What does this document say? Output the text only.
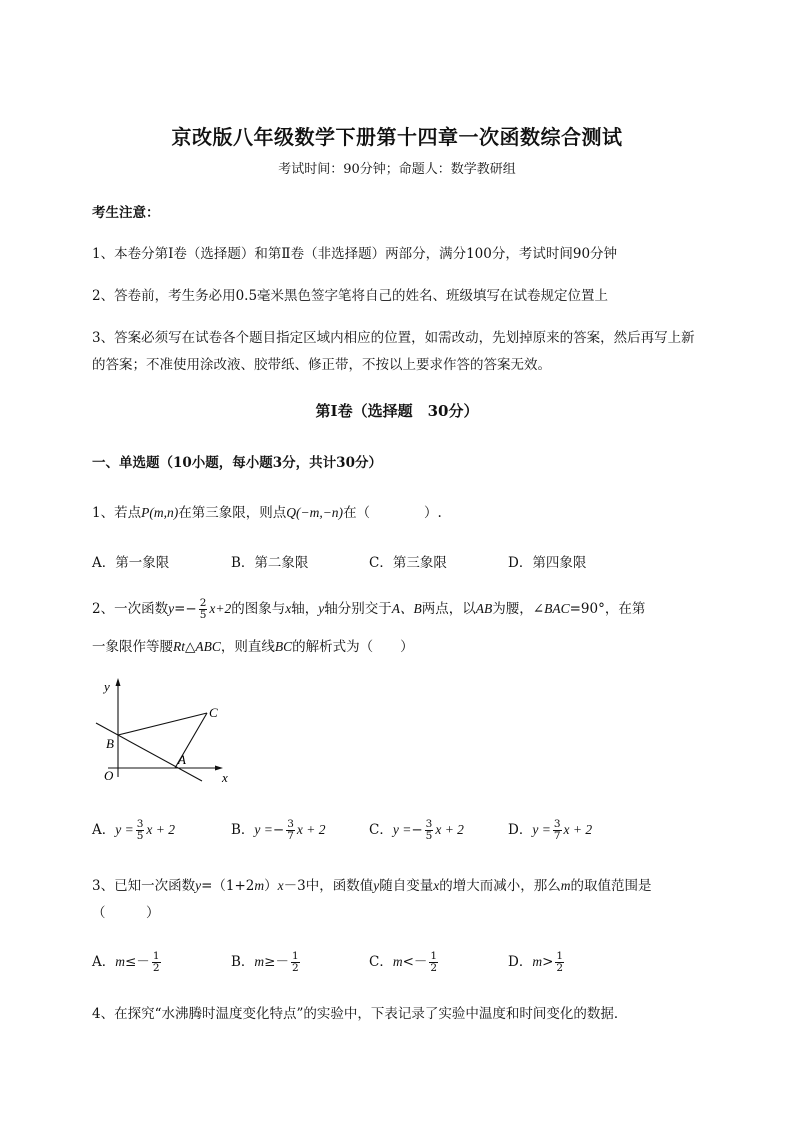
京改版八年级数学下册第十四章一次函数综合测试
考试时间：90分钟；命题人：数学教研组
考生注意：
1、本卷分第I卷（选择题）和第Ⅱ卷（非选择题）两部分，满分100分，考试时间90分钟
2、答卷前，考生务必用0.5毫米黑色签字笔将自己的姓名、班级填写在试卷规定位置上
3、答案必须写在试卷各个题目指定区域内相应的位置，如需改动，先划掉原来的答案，然后再写上新
的答案；不准使用涂改液、胶带纸、修正带，不按以上要求作答的答案无效。
第I卷（选择题　30分）
一、单选题（10小题，每小题3分，共计30分）
1、若点P(m,n)在第三象限，则点Q(−m,−n)在（　　　　）.
A．第一象限	B．第二象限	C．第三象限	D．第四象限
2、一次函数$y=- \frac{2}{5} x+2$的图象与x轴，y轴分别交于A、B两点，以AB为腰，∠BAC=90°，在第
一象限作等腰Rt△ABC，则直线BC的解析式为（　　）
y
x
O
A
B
C
A．$y = \frac{3}{5}$ x + 2	B．$y =- \frac{3}{7}$ x + 2	C．$y =- \frac{3}{5}$ x + 2	D．$y = \frac{3}{7}$ x + 2
3、已知一次函数y=（1+2m）x－3中，函数值y随自变量x的增大而减小，那么m的取值范围是
（　　　）
A．$m\le- \frac{1}{2}$	B．$m\ge- \frac{1}{2}$	C．$m<- \frac{1}{2}$	D．$m> \frac{1}{2}$
4、在探究“水沸腾时温度变化特点”的实验中，下表记录了实验中温度和时间变化的数据．
